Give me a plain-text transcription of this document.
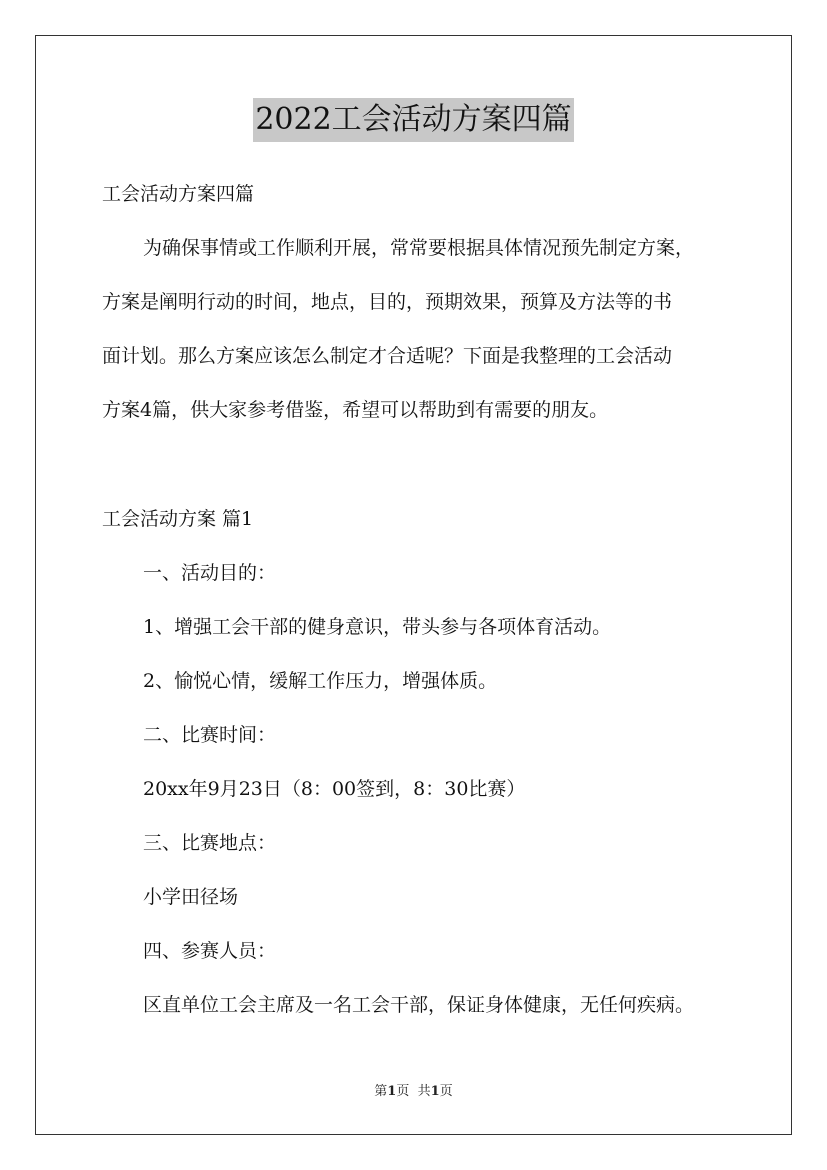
2022工会活动方案四篇
工会活动方案四篇
为确保事情或工作顺利开展，常常要根据具体情况预先制定方案，
方案是阐明行动的时间，地点，目的，预期效果，预算及方法等的书
面计划。那么方案应该怎么制定才合适呢？下面是我整理的工会活动
方案4篇，供大家参考借鉴，希望可以帮助到有需要的朋友。
工会活动方案 篇1
一、活动目的：
1、增强工会干部的健身意识，带头参与各项体育活动。
2、愉悦心情，缓解工作压力，增强体质。
二、比赛时间：
20xx年9月23日（8：00签到，8：30比赛）
三、比赛地点：
小学田径场
四、参赛人员：
区直单位工会主席及一名工会干部，保证身体健康，无任何疾病。
第1页 共1页
